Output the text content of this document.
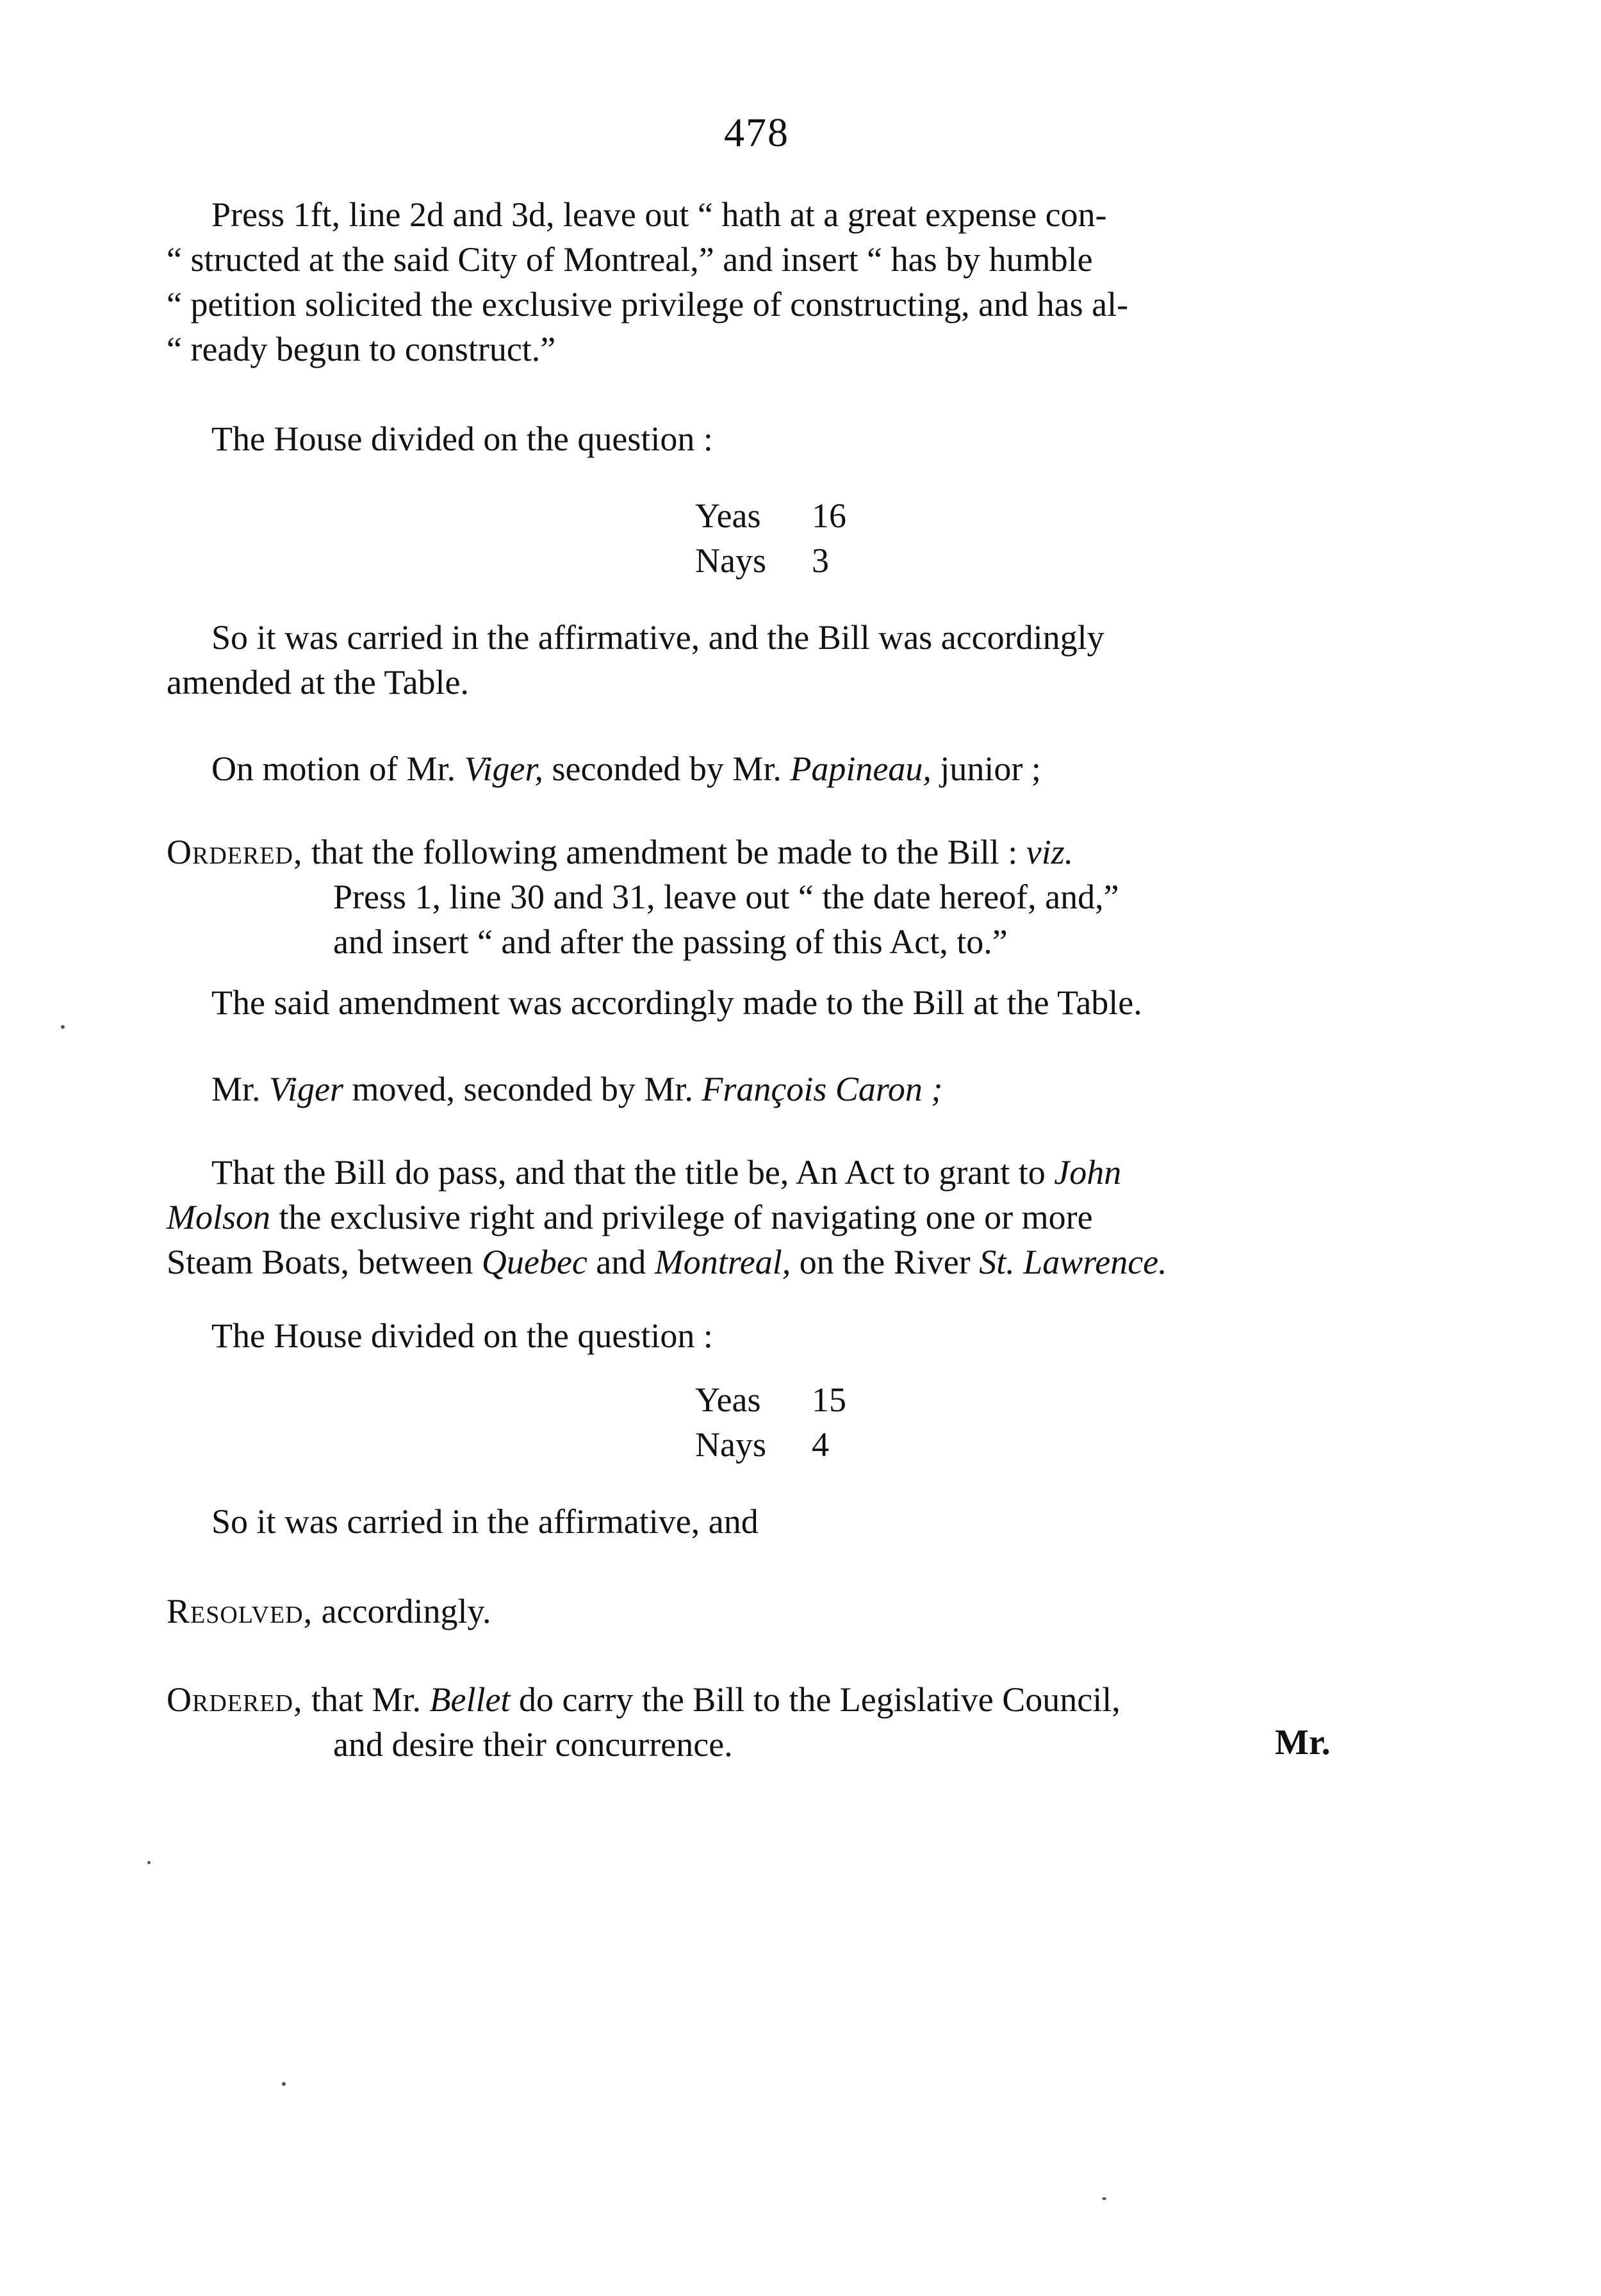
478
Press 1ft, line 2d and 3d, leave out “ hath at a great expense con-
“ structed at the said City of Montreal,” and insert “ has by humble
“ petition solicited the exclusive privilege of constructing, and has al-
“ ready begun to construct.”
The House divided on the question :
Yeas	16
Nays	3
So it was carried in the affirmative, and the Bill was accordingly
amended at the Table.
On motion of Mr. Viger, seconded by Mr. Papineau, junior ;
Ordered, that the following amendment be made to the Bill : viz.
Press 1, line 30 and 31, leave out “ the date hereof, and,”
and insert “ and after the passing of this Act, to.”
The said amendment was accordingly made to the Bill at the Table.
Mr. Viger moved, seconded by Mr. François Caron ;
That the Bill do pass, and that the title be, An Act to grant to John
Molson the exclusive right and privilege of navigating one or more
Steam Boats, between Quebec and Montreal, on the River St. Lawrence.
The House divided on the question :
Yeas	15
Nays	4
So it was carried in the affirmative, and
Resolved, accordingly.
Ordered, that Mr. Bellet do carry the Bill to the Legislative Council,
and desire their concurrence.	Mr.
